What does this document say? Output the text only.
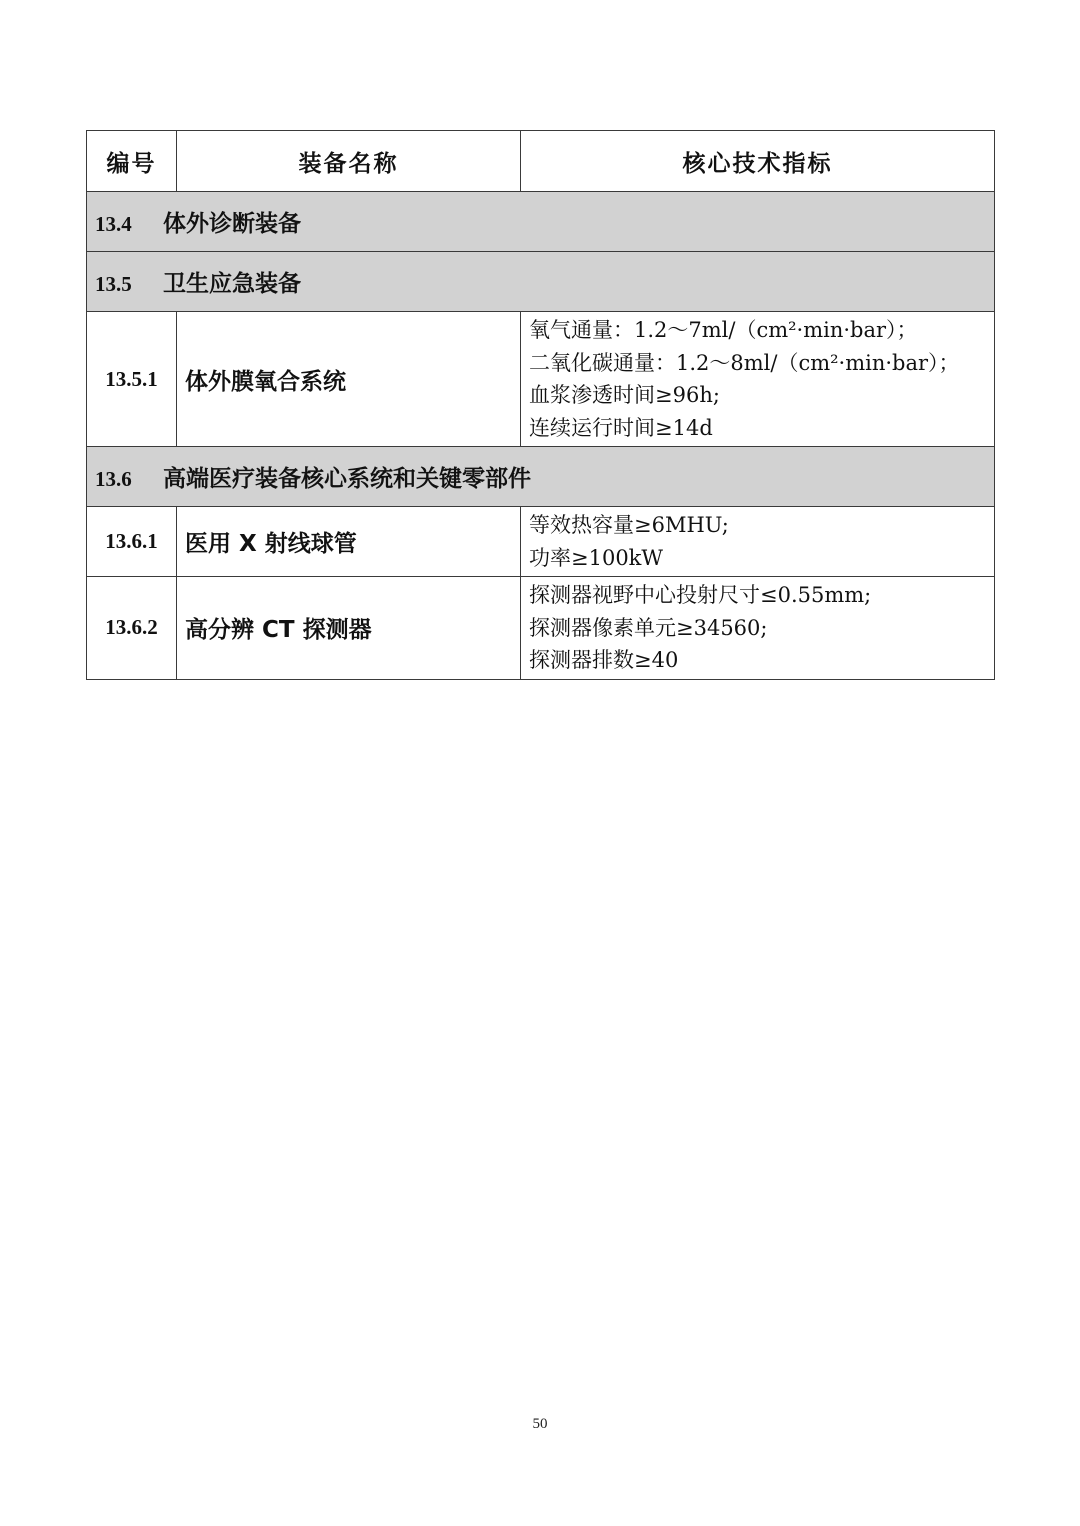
编号	装备名称	核心技术指标
13.4 体外诊断装备		
13.5 卫生应急装备		
13.5.1	体外膜氧合系统	氧气通量：1.2～7ml/（cm²·min·bar）；
二氧化碳通量：1.2～8ml/（cm²·min·bar）；
血浆渗透时间≥96h;
连续运行时间≥14d

13.6 高端医疗装备核心系统和关键零部件		
13.6.1	医用 X 射线球管	等效热容量≥6MHU;
功率≥100kW

13.6.2	高分辨 CT 探测器	探测器视野中心投射尺寸≤0.55mm;
探测器像素单元≥34560;
探测器排数≥40
50
